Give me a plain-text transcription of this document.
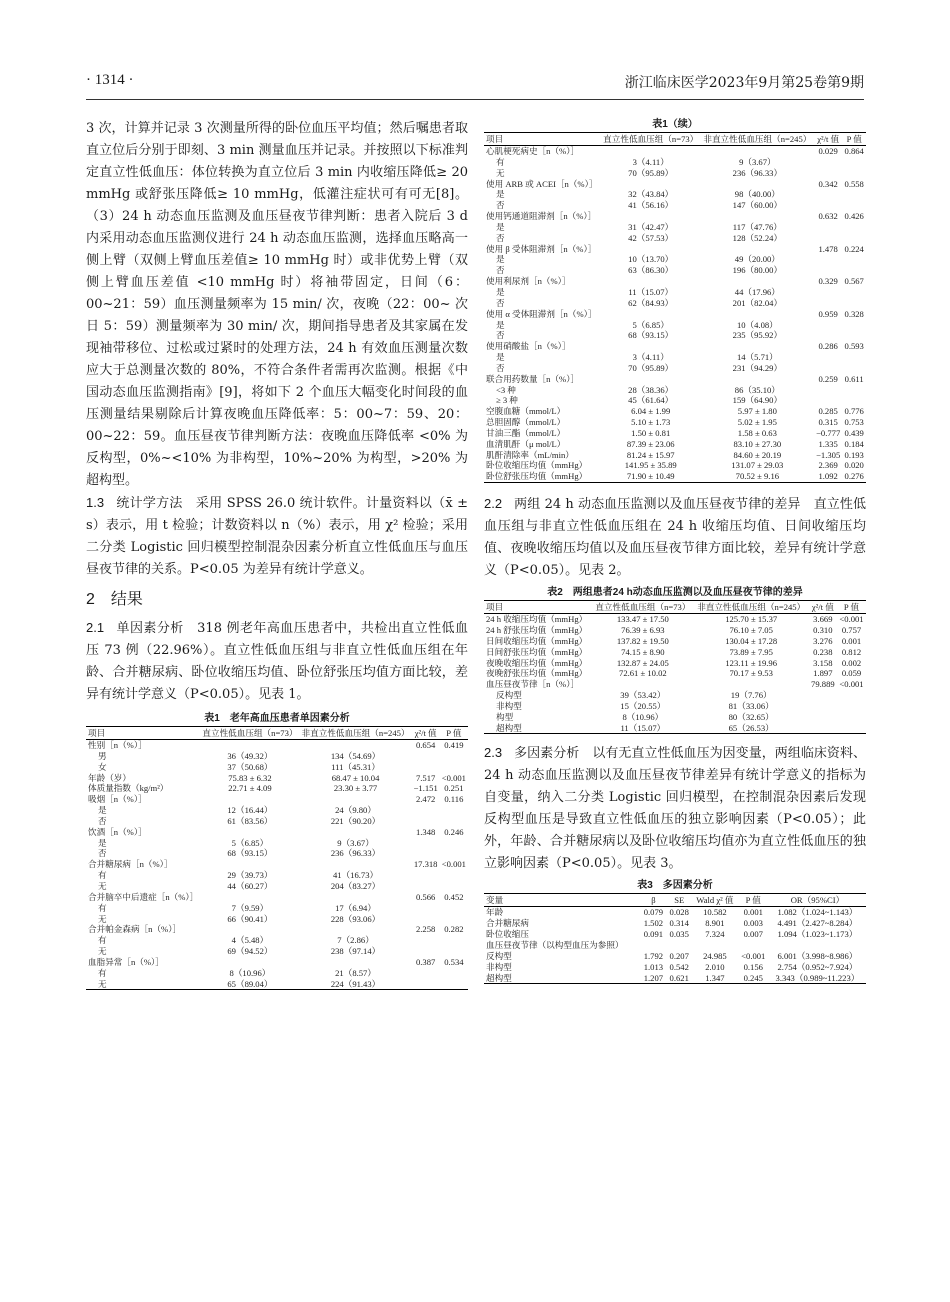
· 1314 ·	浙江临床医学2023年9月第25卷第9期

3 次，计算并记录 3 次测量所得的卧位血压平均值；然后嘱患者取直立位后分别于即刻、3 min 测量血压并记录。并按照以下标准判定直立性低血压：体位转换为直立位后 3 min 内收缩压降低≥ 20 mmHg 或舒张压降低≥ 10 mmHg，低灌注症状可有可无[8]。（3）24 h 动态血压监测及血压昼夜节律判断：患者入院后 3 d 内采用动态血压监测仪进行 24 h 动态血压监测，选择血压略高一侧上臂（双侧上臂血压差值≥ 10 mmHg 时）或非优势上臂（双侧上臂血压差值 <10 mmHg 时）将袖带固定，日间（6：00~21：59）血压测量频率为 15 min/ 次，夜晚（22：00~ 次日 5：59）测量频率为 30 min/ 次，期间指导患者及其家属在发现袖带移位、过松或过紧时的处理方法，24 h 有效血压测量次数应大于总测量次数的 80%，不符合条件者需再次监测。根据《中国动态血压监测指南》[9]，将如下 2 个血压大幅变化时间段的血压测量结果剔除后计算夜晚血压降低率：5：00~7：59、20：00~22：59。血压昼夜节律判断方法：夜晚血压降低率 <0% 为反构型，0%~<10% 为非构型，10%~20% 为构型，>20% 为超构型。

1.3 统计学方法　采用 SPSS 26.0 统计软件。计量资料以（x̄ ± s）表示，用 t 检验；计数资料以 n（%）表示，用 χ² 检验；采用二分类 Logistic 回归模型控制混杂因素分析直立性低血压与血压昼夜节律的关系。P<0.05 为差异有统计学意义。

2　结果

2.1 单因素分析　318 例老年高血压患者中，共检出直立性低血压 73 例（22.96%）。直立性低血压组与非直立性低血压组在年龄、合并糖尿病、卧位收缩压均值、卧位舒张压均值方面比较，差异有统计学意义（P<0.05）。见表 1。

表1　老年高血压患者单因素分析
项目	直立性低血压组（n=73）	非直立性低血压组（n=245）	χ²/t 值	P 值
性别［n（%）］			0.654	0.419
男	36（49.32）	134（54.69）		
女	37（50.68）	111（45.31）		
年龄（岁）	75.83 ± 6.32	68.47 ± 10.04	7.517	<0.001
体质量指数（kg/m²）	22.71 ± 4.09	23.30 ± 3.77	−1.151	0.251
吸烟［n（%）］			2.472	0.116
是	12（16.44）	24（9.80）		
否	61（83.56）	221（90.20）		
饮酒［n（%）］			1.348	0.246
是	5（6.85）	9（3.67）		
否	68（93.15）	236（96.33）		
合并糖尿病［n（%）］			17.318	<0.001
有	29（39.73）	41（16.73）		
无	44（60.27）	204（83.27）		
合并脑卒中后遗症［n（%）］			0.566	0.452
有	7（9.59）	17（6.94）		
无	66（90.41）	228（93.06）		
合并帕金森病［n（%）］			2.258	0.282
有	4（5.48）	7（2.86）		
无	69（94.52）	238（97.14）		
血脂异常［n（%）］			0.387	0.534
有	8（10.96）	21（8.57）		
无	65（89.04）	224（91.43）		
表1（续）
项目	直立性低血压组（n=73）	非直立性低血压组（n=245）	χ²/t 值	P 值
心肌梗死病史［n（%）］			0.029	0.864
有	3（4.11）	9（3.67）		
无	70（95.89）	236（96.33）		
使用 ARB 或 ACEI［n（%）］			0.342	0.558
是	32（43.84）	98（40.00）		
否	41（56.16）	147（60.00）		
使用钙通道阻滞剂［n（%）］			0.632	0.426
是	31（42.47）	117（47.76）		
否	42（57.53）	128（52.24）		
使用 β 受体阻滞剂［n（%）］			1.478	0.224
是	10（13.70）	49（20.00）		
否	63（86.30）	196（80.00）		
使用利尿剂［n（%）］			0.329	0.567
是	11（15.07）	44（17.96）		
否	62（84.93）	201（82.04）		
使用 α 受体阻滞剂［n（%）］			0.959	0.328
是	5（6.85）	10（4.08）		
否	68（93.15）	235（95.92）		
使用硝酸盐［n（%）］			0.286	0.593
是	3（4.11）	14（5.71）		
否	70（95.89）	231（94.29）		
联合用药数量［n（%）］			0.259	0.611
<3 种	28（38.36）	86（35.10）		
≥ 3 种	45（61.64）	159（64.90）		
空腹血糖（mmol/L）	6.04 ± 1.99	5.97 ± 1.80	0.285	0.776
总胆固醇（mmol/L）	5.10 ± 1.73	5.02 ± 1.95	0.315	0.753
甘油三酯（mmol/L）	1.50 ± 0.81	1.58 ± 0.63	−0.777	0.439
血清肌酐（μ mol/L）	87.39 ± 23.06	83.10 ± 27.30	1.335	0.184
肌酐清除率（mL/min）	81.24 ± 15.97	84.60 ± 20.19	−1.305	0.193
卧位收缩压均值（mmHg）	141.95 ± 35.89	131.07 ± 29.03	2.369	0.020
卧位舒张压均值（mmHg）	71.90 ± 10.49	70.52 ± 9.16	1.092	0.276

2.2 两组 24 h 动态血压监测以及血压昼夜节律的差异　直立性低血压组与非直立性低血压组在 24 h 收缩压均值、日间收缩压均值、夜晚收缩压均值以及血压昼夜节律方面比较，差异有统计学意义（P<0.05）。见表 2。

表2　两组患者24 h动态血压监测以及血压昼夜节律的差异
项目	直立性低血压组（n=73）	非直立性低血压组（n=245）	χ²/t 值	P 值
24 h 收缩压均值（mmHg）	133.47 ± 17.50	125.70 ± 15.37	3.669	<0.001
24 h 舒张压均值（mmHg）	76.39 ± 6.93	76.10 ± 7.05	0.310	0.757
日间收缩压均值（mmHg）	137.82 ± 19.50	130.04 ± 17.28	3.276	0.001
日间舒张压均值（mmHg）	74.15 ± 8.90	73.89 ± 7.95	0.238	0.812
夜晚收缩压均值（mmHg）	132.87 ± 24.05	123.11 ± 19.96	3.158	0.002
夜晚舒张压均值（mmHg）	72.61 ± 10.02	70.17 ± 9.53	1.897	0.059
血压昼夜节律［n（%）］			79.889	<0.001
反构型	39（53.42）	19（7.76）		
非构型	15（20.55）	81（33.06）		
构型	8（10.96）	80（32.65）		
超构型	11（15.07）	65（26.53）		

2.3 多因素分析　以有无直立性低血压为因变量，两组临床资料、24 h 动态血压监测以及血压昼夜节律差异有统计学意义的指标为自变量，纳入二分类 Logistic 回归模型，在控制混杂因素后发现反构型血压是导致直立性低血压的独立影响因素（P<0.05）；此外，年龄、合并糖尿病以及卧位收缩压均值亦为直立性低血压的独立影响因素（P<0.05）。见表 3。

表3　多因素分析
变量	β	SE	Wald χ² 值	P 值	OR（95%CI）
年龄	0.079	0.028	10.582	0.001	1.082（1.024~1.143）
合并糖尿病	1.502	0.314	8.901	0.003	4.491（2.427~8.284）
卧位收缩压	0.091	0.035	7.324	0.007	1.094（1.023~1.173）
血压昼夜节律（以构型血压为参照）					
反构型	1.792	0.207	24.985	<0.001	6.001（3.998~8.986）
非构型	1.013	0.542	2.010	0.156	2.754（0.952~7.924）
超构型	1.207	0.621	1.347	0.245	3.343（0.989~11.223）
